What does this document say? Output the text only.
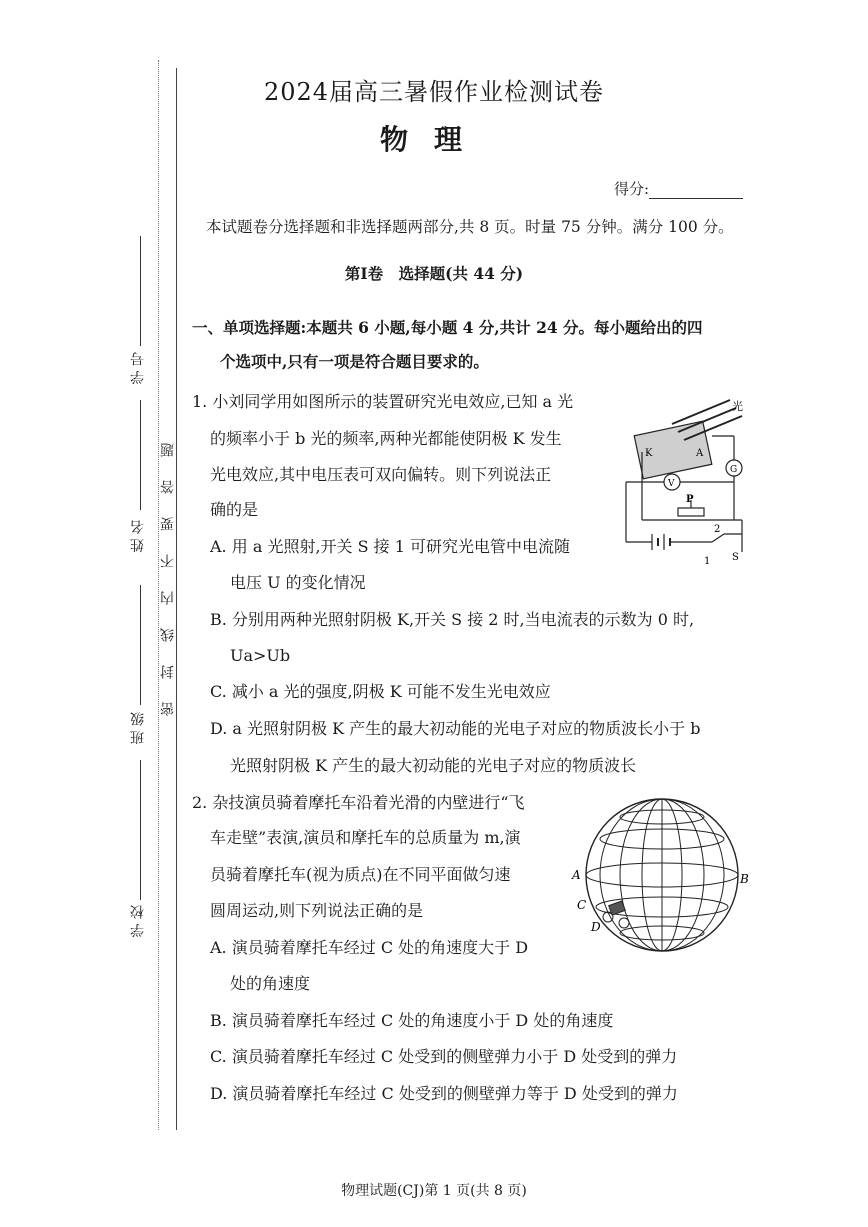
学 号
姓 名
班 级
学 校
密封线内不要答题
2024届高三暑假作业检测试卷
物理
得分:
本试题卷分选择题和非选择题两部分,共 8 页。时量 75 分钟。满分 100 分。
第Ⅰ卷　选择题(共 44 分)
一、单项选择题:本题共 6 小题,每小题 4 分,共计 24 分。每小题给出的四
个选项中,只有一项是符合题目要求的。
1. 小刘同学用如图所示的装置研究光电效应,已知 a 光
的频率小于 b 光的频率,两种光都能使阴极 K 发生
光电效应,其中电压表可双向偏转。则下列说法正
确的是
A. 用 a 光照射,开关 S 接 1 可研究光电管中电流随
电压 U 的变化情况
B. 分别用两种光照射阴极 K,开关 S 接 2 时,当电流表的示数为 0 时,
Ua>Ub
C. 减小 a 光的强度,阴极 K 可能不发生光电效应
D. a 光照射阴极 K 产生的最大初动能的光电子对应的物质波长小于 b
光照射阴极 K 产生的最大初动能的光电子对应的物质波长
光
K	A
V
G
P
2
1 S
2. 杂技演员骑着摩托车沿着光滑的内壁进行“飞
车走壁”表演,演员和摩托车的总质量为 m,演
员骑着摩托车(视为质点)在不同平面做匀速
圆周运动,则下列说法正确的是
A. 演员骑着摩托车经过 C 处的角速度大于 D
处的角速度
B. 演员骑着摩托车经过 C 处的角速度小于 D 处的角速度
C. 演员骑着摩托车经过 C 处受到的侧壁弹力小于 D 处受到的弹力
D. 演员骑着摩托车经过 C 处受到的侧壁弹力等于 D 处受到的弹力
A	B
C
D
物理试题(CJ)第 1 页(共 8 页)
